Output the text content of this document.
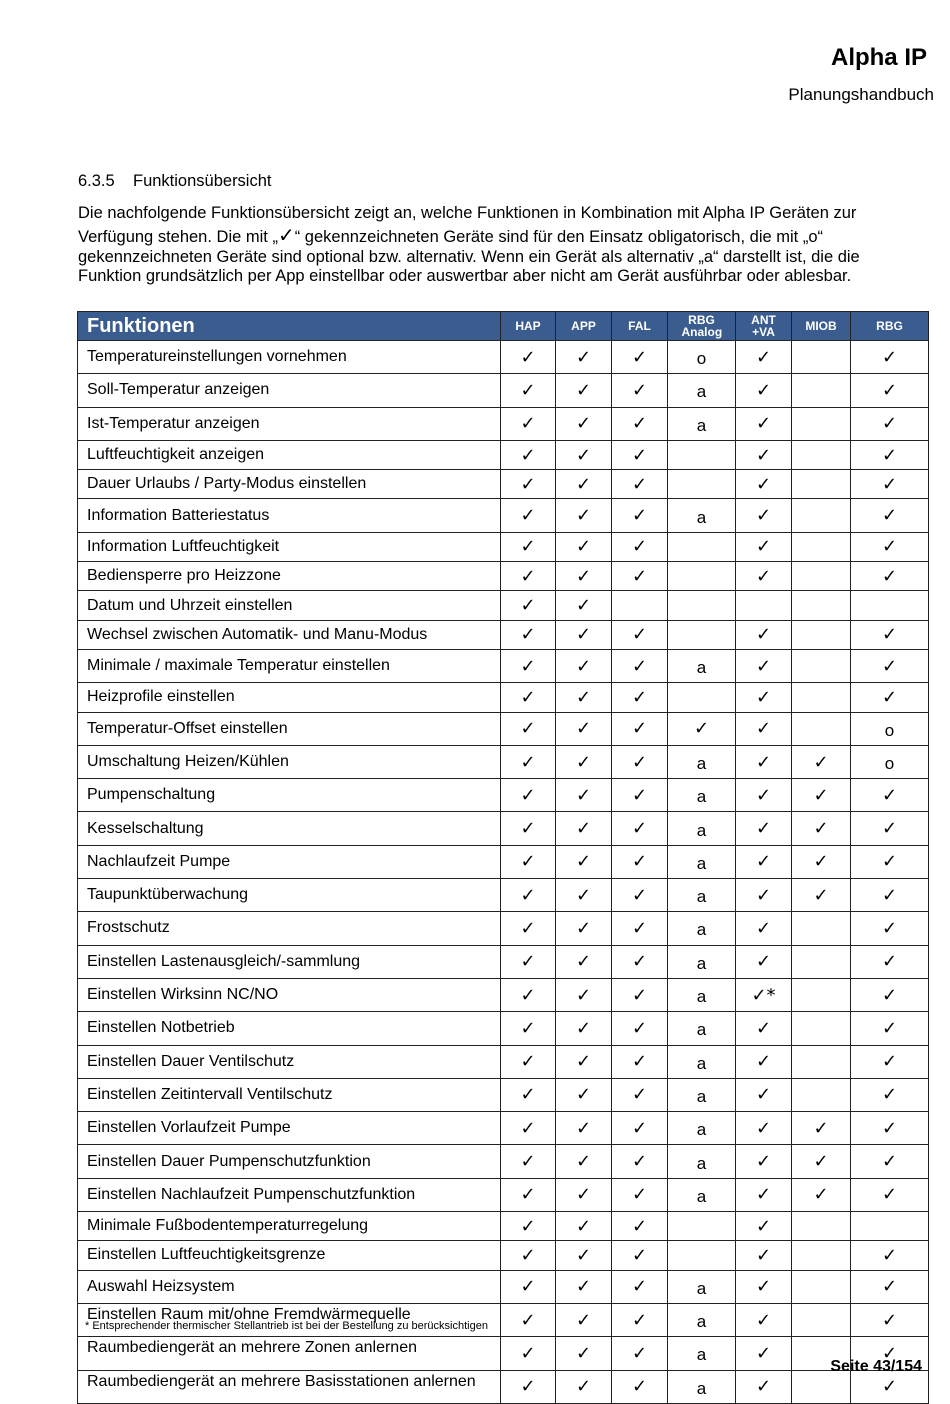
Alpha IP
Planungshandbuch
6.3.5 Funktionsübersicht
Die nachfolgende Funktionsübersicht zeigt an, welche Funktionen in Kombination mit Alpha IP Geräten zur
Verfügung stehen. Die mit „✓“ gekennzeichneten Geräte sind für den Einsatz obligatorisch, die mit „o“
gekennzeichneten Geräte sind optional bzw. alternativ. Wenn ein Gerät als alternativ „a“ darstellt ist, die die
Funktion grundsätzlich per App einstellbar oder auswertbar aber nicht am Gerät ausführbar oder ablesbar.
Funktionen	HAP	APP	FAL	RBG Analog	ANT +VA	MIOB	RBG
Temperatureinstellungen vornehmen	✓	✓	✓	o	✓		✓
Soll-Temperatur anzeigen	✓	✓	✓	a	✓		✓
Ist-Temperatur anzeigen	✓	✓	✓	a	✓		✓
Luftfeuchtigkeit anzeigen	✓	✓	✓		✓		✓
Dauer Urlaubs / Party-Modus einstellen	✓	✓	✓		✓		✓
Information Batteriestatus	✓	✓	✓	a	✓		✓
Information Luftfeuchtigkeit	✓	✓	✓		✓		✓
Bediensperre pro Heizzone	✓	✓	✓		✓		✓
Datum und Uhrzeit einstellen	✓	✓					
Wechsel zwischen Automatik- und Manu-Modus	✓	✓	✓		✓		✓
Minimale / maximale Temperatur einstellen	✓	✓	✓	a	✓		✓
Heizprofile einstellen	✓	✓	✓		✓		✓
Temperatur-Offset einstellen	✓	✓	✓	✓	✓		o
Umschaltung Heizen/Kühlen	✓	✓	✓	a	✓	✓	o
Pumpenschaltung	✓	✓	✓	a	✓	✓	✓
Kesselschaltung	✓	✓	✓	a	✓	✓	✓
Nachlaufzeit Pumpe	✓	✓	✓	a	✓	✓	✓
Taupunktüberwachung	✓	✓	✓	a	✓	✓	✓
Frostschutz	✓	✓	✓	a	✓		✓
Einstellen Lastenausgleich/-sammlung	✓	✓	✓	a	✓		✓
Einstellen Wirksinn NC/NO	✓	✓	✓	a	✓*		✓
Einstellen Notbetrieb	✓	✓	✓	a	✓		✓
Einstellen Dauer Ventilschutz	✓	✓	✓	a	✓		✓
Einstellen Zeitintervall Ventilschutz	✓	✓	✓	a	✓		✓
Einstellen Vorlaufzeit Pumpe	✓	✓	✓	a	✓	✓	✓
Einstellen Dauer Pumpenschutzfunktion	✓	✓	✓	a	✓	✓	✓
Einstellen Nachlaufzeit Pumpenschutzfunktion	✓	✓	✓	a	✓	✓	✓
Minimale Fußbodentemperaturregelung	✓	✓	✓		✓		
Einstellen Luftfeuchtigkeitsgrenze	✓	✓	✓		✓		✓
Auswahl Heizsystem	✓	✓	✓	a	✓		✓
Einstellen Raum mit/ohne Fremdwärmequelle	✓	✓	✓	a	✓		✓
Raumbediengerät an mehrere Zonen anlernen	✓	✓	✓	a	✓		✓
Raumbediengerät an mehrere Basisstationen anlernen	✓	✓	✓	a	✓		✓
* Entsprechender thermischer Stellantrieb ist bei der Bestellung zu berücksichtigen
Seite 43/154
